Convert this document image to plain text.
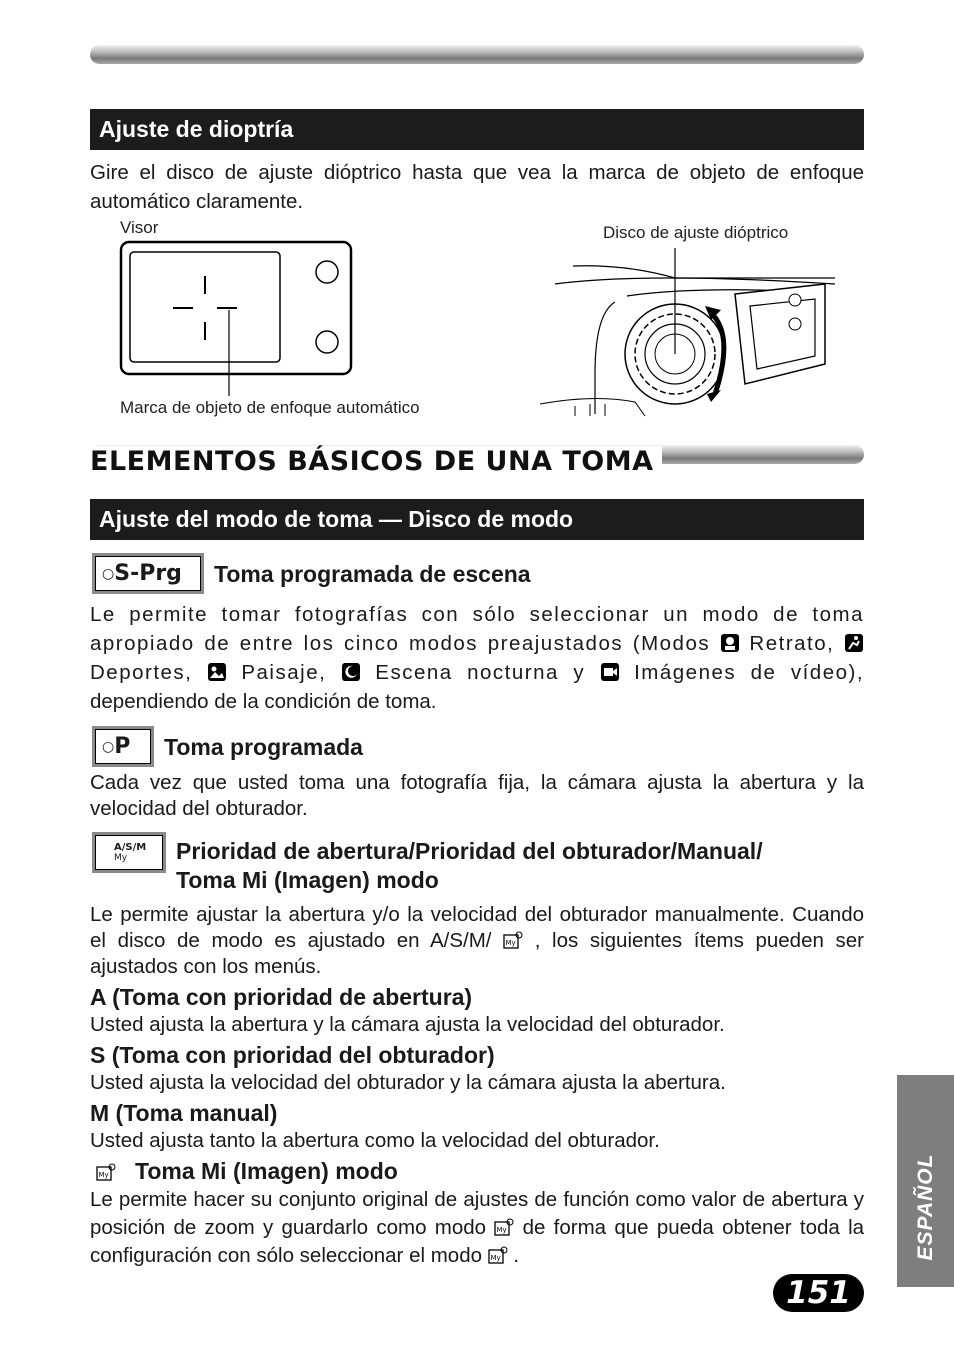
Ajuste de dioptría
Gire el disco de ajuste dióptrico hasta que vea la marca de objeto de enfoque automático claramente.
Visor
Marca de objeto de enfoque automático
Disco de ajuste dióptrico
ELEMENTOS BÁSICOS DE UNA TOMA
Ajuste del modo de toma — Disco de modo
○ S-Prg Toma programada de escena
Le permite tomar fotografías con sólo seleccionar un modo de toma apropiado de entre los cinco modos preajustados (Modos Retrato,  Deportes, Paisaje, Escena nocturna y Imágenes de vídeo), dependiendo de la condición de toma.
○ P Toma programada
Cada vez que usted toma una fotografía fija, la cámara ajusta la abertura y la velocidad del obturador.
A/S/M
My Prioridad de abertura/Prioridad del obturador/Manual/
Toma Mi (Imagen) modo
Le permite ajustar la abertura y/o la velocidad del obturador manualmente. Cuando el disco de modo es ajustado en A/S/M/ My , los siguientes ítems pueden ser ajustados con los menús.
A (Toma con prioridad de abertura)
Usted ajusta la abertura y la cámara ajusta la velocidad del obturador.
S (Toma con prioridad del obturador)
Usted ajusta la velocidad del obturador y la cámara ajusta la abertura.
M (Toma manual)
Usted ajusta tanto la abertura como la velocidad del obturador.
My Toma Mi (Imagen) modo
Le permite hacer su conjunto original de ajustes de función como valor de abertura y posición de zoom y guardarlo como modo My de forma que pueda obtener toda la configuración con sólo seleccionar el modo My .	ESPAÑOL
151
